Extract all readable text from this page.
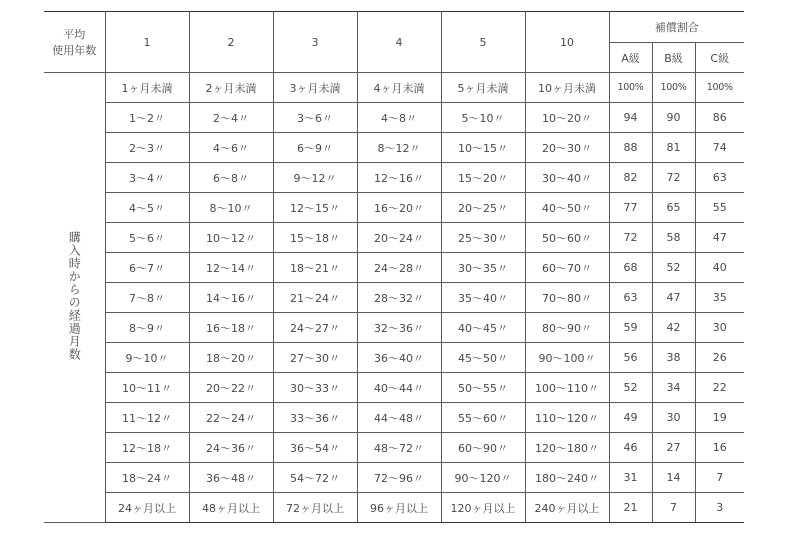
平均
使用年数	1	2	3	4	5	10	補償割合		
							A級	B級	C級
購入時からの経過月数	1ヶ月未満	2ヶ月未満	3ヶ月未満	4ヶ月未満	5ヶ月未満	10ヶ月未満	100%	100%	100%
	1〜2〃	2〜4〃	3〜6〃	4〜8〃	5〜10〃	10〜20〃	94	90	86
	2〜3〃	4〜6〃	6〜9〃	8〜12〃	10〜15〃	20〜30〃	88	81	74
	3〜4〃	6〜8〃	9〜12〃	12〜16〃	15〜20〃	30〜40〃	82	72	63
	4〜5〃	8〜10〃	12〜15〃	16〜20〃	20〜25〃	40〜50〃	77	65	55
	5〜6〃	10〜12〃	15〜18〃	20〜24〃	25〜30〃	50〜60〃	72	58	47
	6〜7〃	12〜14〃	18〜21〃	24〜28〃	30〜35〃	60〜70〃	68	52	40
	7〜8〃	14〜16〃	21〜24〃	28〜32〃	35〜40〃	70〜80〃	63	47	35
	8〜9〃	16〜18〃	24〜27〃	32〜36〃	40〜45〃	80〜90〃	59	42	30
	9〜10〃	18〜20〃	27〜30〃	36〜40〃	45〜50〃	90〜100〃	56	38	26
	10〜11〃	20〜22〃	30〜33〃	40〜44〃	50〜55〃	100〜110〃	52	34	22
	11〜12〃	22〜24〃	33〜36〃	44〜48〃	55〜60〃	110〜120〃	49	30	19
	12〜18〃	24〜36〃	36〜54〃	48〜72〃	60〜90〃	120〜180〃	46	27	16
	18〜24〃	36〜48〃	54〜72〃	72〜96〃	90〜120〃	180〜240〃	31	14	7
	24ヶ月以上	48ヶ月以上	72ヶ月以上	96ヶ月以上	120ヶ月以上	240ヶ月以上	21	7	3
